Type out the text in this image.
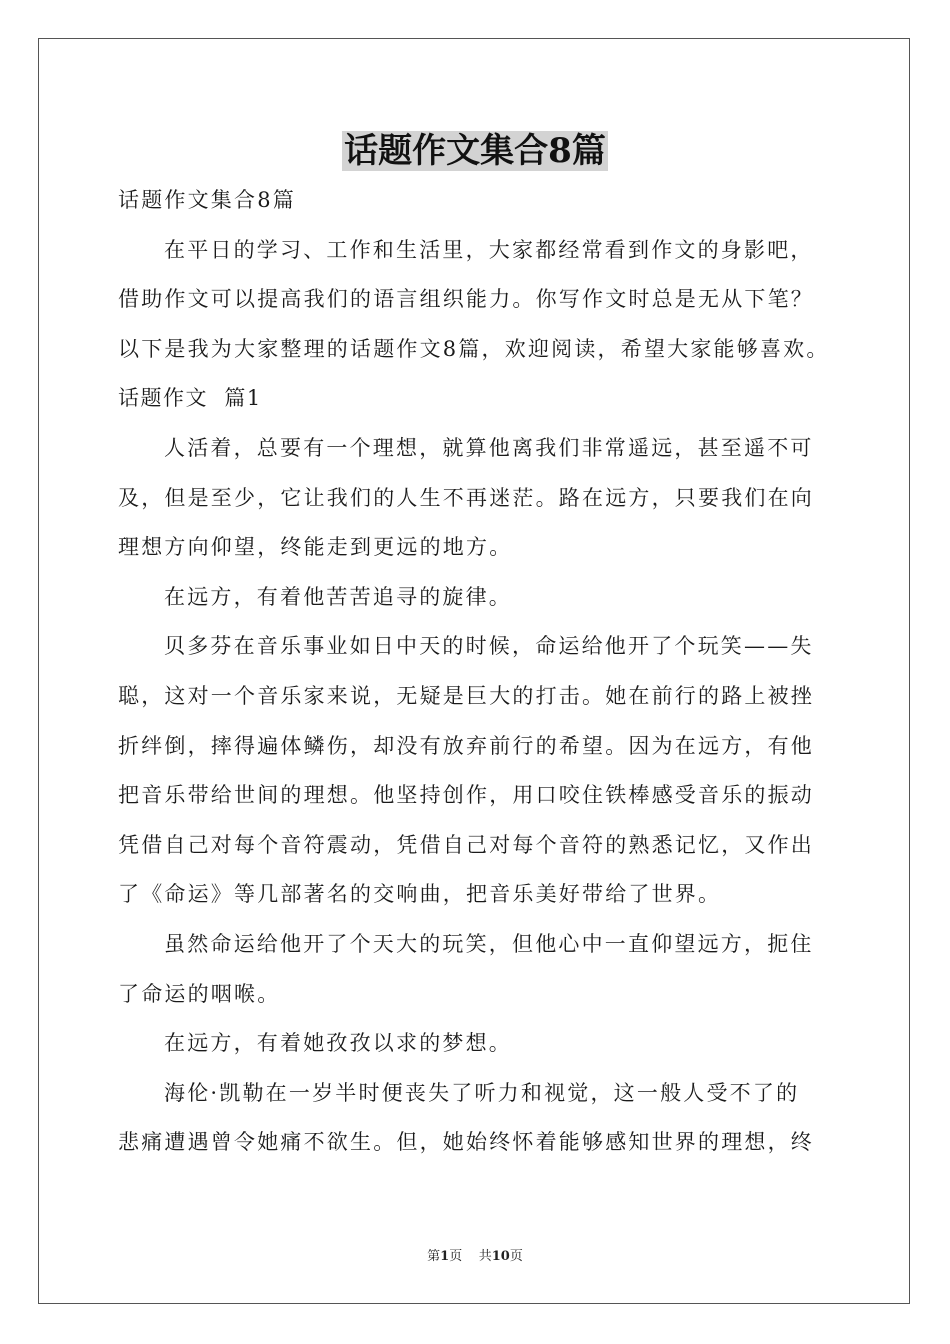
话题作文集合8篇
话题作文集合8篇
在平日的学习、工作和生活里，大家都经常看到作文的身影吧，
借助作文可以提高我们的语言组织能力。你写作文时总是无从下笔？
以下是我为大家整理的话题作文8篇，欢迎阅读，希望大家能够喜欢。
话题作文  篇1
人活着，总要有一个理想，就算他离我们非常遥远，甚至遥不可
及，但是至少，它让我们的人生不再迷茫。路在远方，只要我们在向
理想方向仰望，终能走到更远的地方。
在远方，有着他苦苦追寻的旋律。
贝多芬在音乐事业如日中天的时候，命运给他开了个玩笑——失
聪，这对一个音乐家来说，无疑是巨大的打击。她在前行的路上被挫
折绊倒，摔得遍体鳞伤，却没有放弃前行的希望。因为在远方，有他
把音乐带给世间的理想。他坚持创作，用口咬住铁棒感受音乐的振动
凭借自己对每个音符震动，凭借自己对每个音符的熟悉记忆，又作出
了《命运》等几部著名的交响曲，把音乐美好带给了世界。
虽然命运给他开了个天大的玩笑，但他心中一直仰望远方，扼住
了命运的咽喉。
在远方，有着她孜孜以求的梦想。
海伦·凯勒在一岁半时便丧失了听力和视觉，这一般人受不了的
悲痛遭遇曾令她痛不欲生。但，她始终怀着能够感知世界的理想，终
第1页    共10页
